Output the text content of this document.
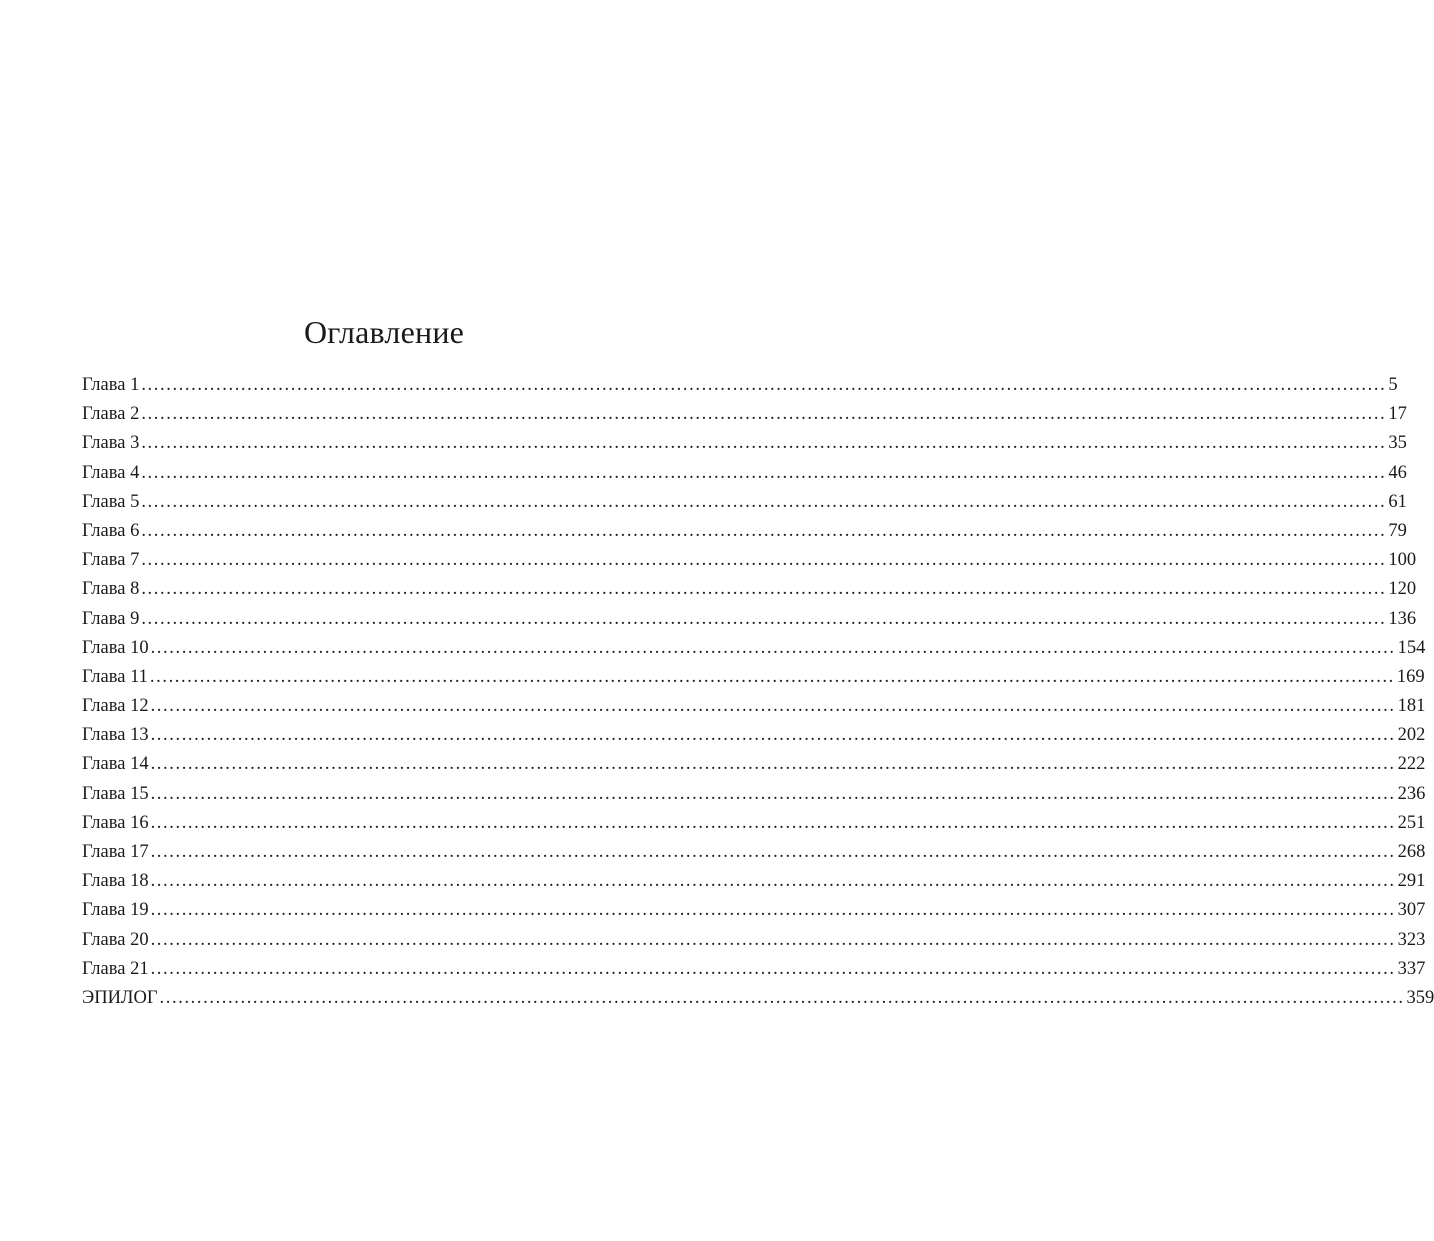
Оглавление
Глава 1 ........................................................................................................................................................................................................ 5
Глава 2 ........................................................................................................................................................................................................ 17
Глава 3 ........................................................................................................................................................................................................ 35
Глава 4 ........................................................................................................................................................................................................ 46
Глава 5 ........................................................................................................................................................................................................ 61
Глава 6 ........................................................................................................................................................................................................ 79
Глава 7 ........................................................................................................................................................................................................ 100
Глава 8 ........................................................................................................................................................................................................ 120
Глава 9 ........................................................................................................................................................................................................ 136
Глава 10 ........................................................................................................................................................................................................ 154
Глава 11 ........................................................................................................................................................................................................ 169
Глава 12 ........................................................................................................................................................................................................ 181
Глава 13 ........................................................................................................................................................................................................ 202
Глава 14 ........................................................................................................................................................................................................ 222
Глава 15 ........................................................................................................................................................................................................ 236
Глава 16 ........................................................................................................................................................................................................ 251
Глава 17 ........................................................................................................................................................................................................ 268
Глава 18 ........................................................................................................................................................................................................ 291
Глава 19 ........................................................................................................................................................................................................ 307
Глава 20 ........................................................................................................................................................................................................ 323
Глава 21 ........................................................................................................................................................................................................ 337
ЭПИЛОГ ........................................................................................................................................................................................................ 359
